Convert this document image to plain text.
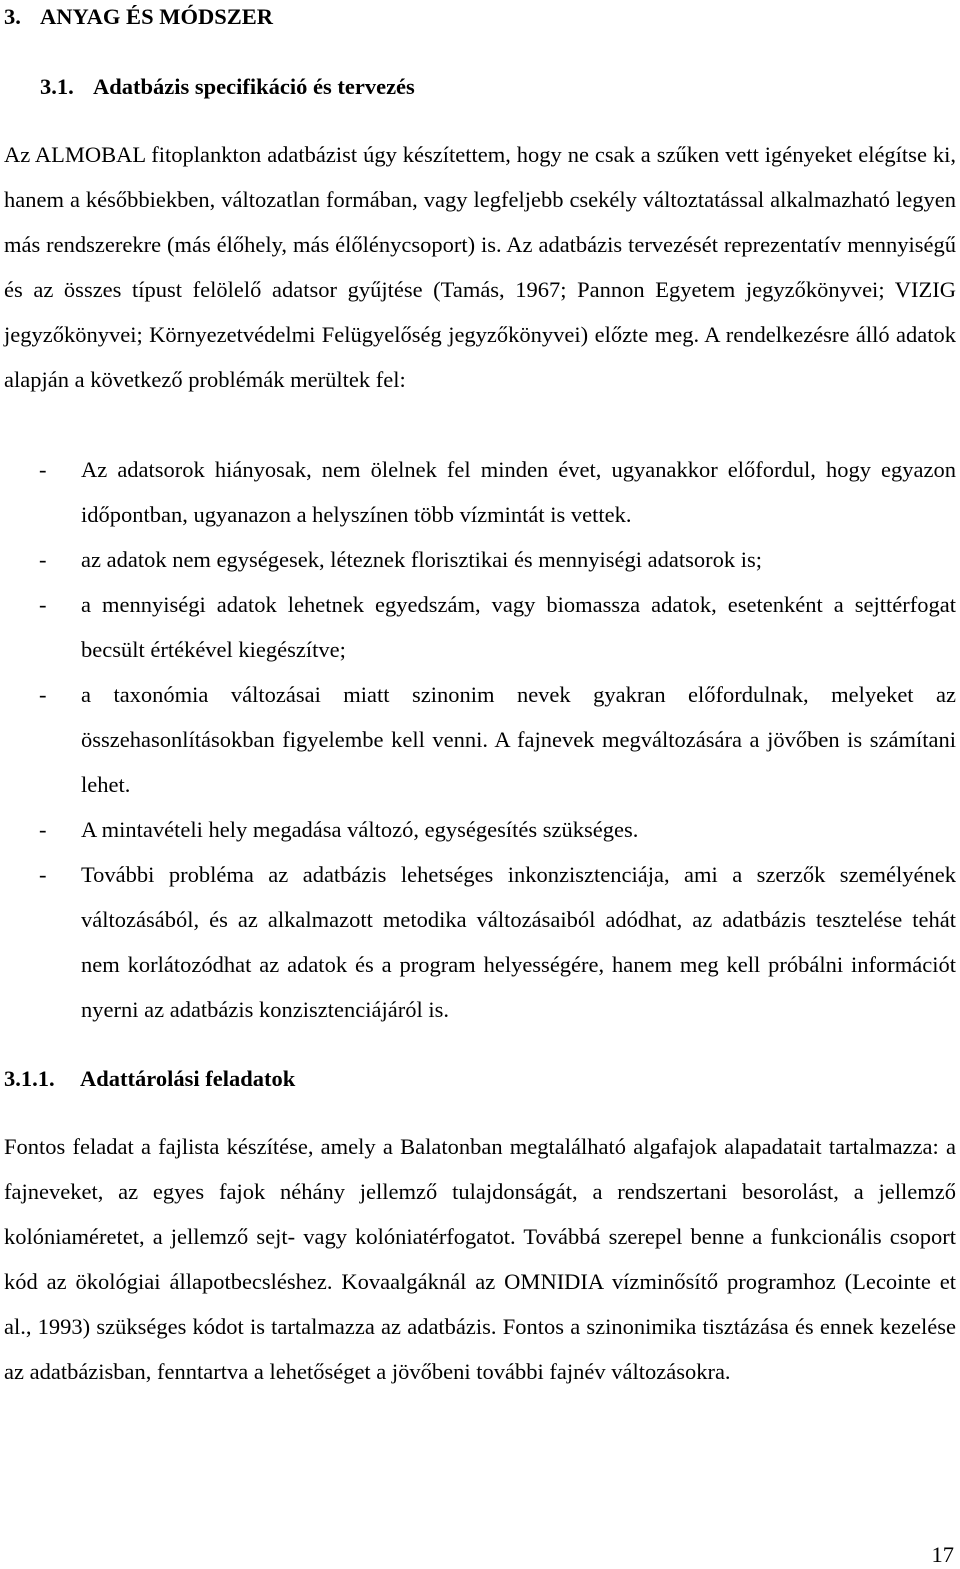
3. ANYAG ÉS MÓDSZER
3.1. Adatbázis specifikáció és tervezés

Az ALMOBAL fitoplankton adatbázist úgy készítettem, hogy ne csak a szűken vett igényeket elégítse ki, hanem a későbbiekben, változatlan formában, vagy legfeljebb csekély változtatással alkalmazható legyen más rendszerekre (más élőhely, más élőlénycsoport) is. Az adatbázis tervezését reprezentatív mennyiségű és az összes típust felölelő adatsor gyűjtése (Tamás, 1967; Pannon Egyetem jegyzőkönyvei; VIZIG jegyzőkönyvei; Környezetvédelmi Felügyelőség jegyzőkönyvei) előzte meg. A rendelkezésre álló adatok alapján a következő problémák merültek fel:

- Az adatsorok hiányosak, nem ölelnek fel minden évet, ugyanakkor előfordul, hogy egyazon időpontban, ugyanazon a helyszínen több vízmintát is vettek.
- az adatok nem egységesek, léteznek florisztikai és mennyiségi adatsorok is;
- a mennyiségi adatok lehetnek egyedszám, vagy biomassza adatok, esetenként a sejttérfogat becsült értékével kiegészítve;
- a taxonómia változásai miatt szinonim nevek gyakran előfordulnak, melyeket az összehasonlításokban figyelembe kell venni. A fajnevek megváltozására a jövőben is számítani lehet.
- A mintavételi hely megadása változó, egységesítés szükséges.
- További probléma az adatbázis lehetséges inkonzisztenciája, ami a szerzők személyének változásából, és az alkalmazott metodika változásaiból adódhat, az adatbázis tesztelése tehát nem korlátozódhat az adatok és a program helyességére, hanem meg kell próbálni információt nyerni az adatbázis konzisztenciájáról is.
3.1.1. Adattárolási feladatok

Fontos feladat a fajlista készítése, amely a Balatonban megtalálható algafajok alapadatait tartalmazza: a fajneveket, az egyes fajok néhány jellemző tulajdonságát, a rendszertani besorolást, a jellemző kolóniaméretet, a jellemző sejt- vagy kolóniatérfogatot. Továbbá szerepel benne a funkcionális csoport kód az ökológiai állapotbecsléshez. Kovaalgáknál az OMNIDIA vízminősítő programhoz (Lecointe et al., 1993) szükséges kódot is tartalmazza az adatbázis. Fontos a szinonimika tisztázása és ennek kezelése az adatbázisban, fenntartva a lehetőséget a jövőbeni további fajnév változásokra.

17
